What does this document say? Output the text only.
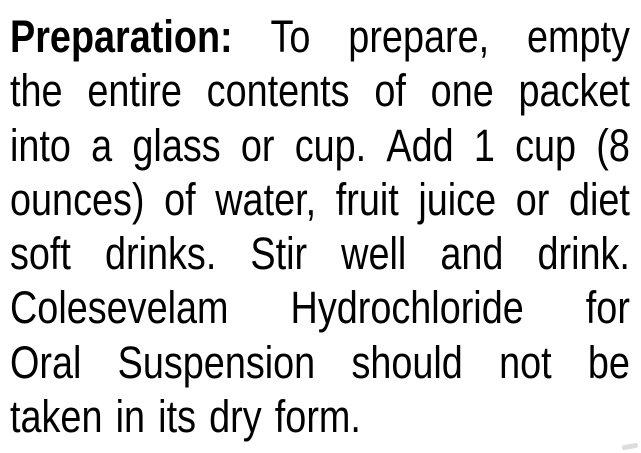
Preparation: To prepare, empty
the entire contents of one packet
into a glass or cup. Add 1 cup (8
ounces) of water, fruit juice or diet
soft drinks. Stir well and drink.
Colesevelam Hydrochloride for
Oral Suspension should not be
taken in its dry form.
